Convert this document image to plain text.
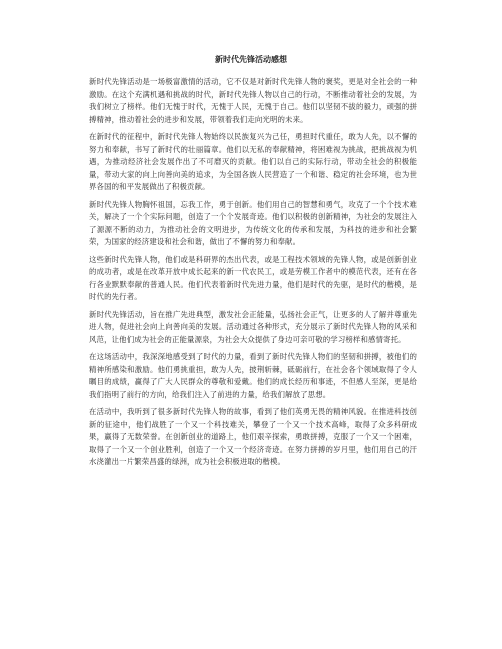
新时代先锋活动感想

新时代先锋活动是一场极富激情的活动，它不仅是对新时代先锋人物的褒奖，更是对全社会的一种激励。在这个充满机遇和挑战的时代，新时代先锋人物以自己的行动，不断推动着社会的发展，为我们树立了榜样。他们无愧于时代，无愧于人民，无愧于自己。他们以坚韧不拔的毅力，顽强的拼搏精神，推动着社会的进步和发展，带领着我们走向光明的未来。

在新时代的征程中，新时代先锋人物始终以民族复兴为己任，勇担时代重任，敢为人先，以不懈的努力和奉献，书写了新时代的壮丽篇章。他们以无私的奉献精神，将困难视为挑战，把挑战视为机遇，为推动经济社会发展作出了不可磨灭的贡献。他们以自己的实际行动，带动全社会的积极能量，带动大家的向上向善向美的追求，为全国各族人民营造了一个和谐、稳定的社会环境，也为世界各国的和平发展做出了积极贡献。

新时代先锋人物胸怀祖国，忘我工作，勇于创新。他们用自己的智慧和勇气，攻克了一个个技术难关，解决了一个个实际问题，创造了一个个发展奇迹。他们以积极的创新精神，为社会的发展注入了源源不断的动力，为推动社会的文明进步，为传统文化的传承和发展，为科技的进步和社会繁荣，为国家的经济建设和社会和谐，做出了不懈的努力和奉献。

这些新时代先锋人物，他们或是科研界的杰出代表，或是工程技术领域的先锋人物，或是创新创业的成功者，或是在改革开放中成长起来的新一代农民工，或是劳模工作者中的模范代表，还有在各行各业默默奉献的普通人民。他们代表着新时代先进力量，他们是时代的先驱，是时代的楷模，是时代的先行者。

新时代先锋活动，旨在推广先进典型，激发社会正能量，弘扬社会正气，让更多的人了解并尊重先进人物，促进社会向上向善向美的发展。活动通过各种形式，充分展示了新时代先锋人物的风采和风范，让他们成为社会的正能量源泉，为社会大众提供了身边可亲可敬的学习榜样和感情寄托。

在这场活动中，我深深地感受到了时代的力量，看到了新时代先锋人物们的坚韧和拼搏，被他们的精神所感染和激励。他们勇挑重担，敢为人先，披荆斩棘，砥砺前行，在社会各个领域取得了令人瞩目的成绩，赢得了广大人民群众的尊敬和爱戴。他们的成长经历和事迹，不但感人至深，更是给我们指明了前行的方向，给我们注入了前进的力量，给我们解放了思想。

在活动中，我听到了很多新时代先锋人物的故事，看到了他们英勇无畏的精神风貌。在推进科技创新的征途中，他们战胜了一个又一个科技难关，攀登了一个又一个技术高峰，取得了众多科研成果，赢得了无数荣誉。在创新创业的道路上，他们艰辛探索，勇敢拼搏，克服了一个又一个困难，取得了一个又一个创业胜利，创造了一个又一个经济奇迹。在努力拼搏的岁月里，他们用自己的汗水浇灌出一片繁荣昌盛的绿洲，成为社会积极进取的楷模。
